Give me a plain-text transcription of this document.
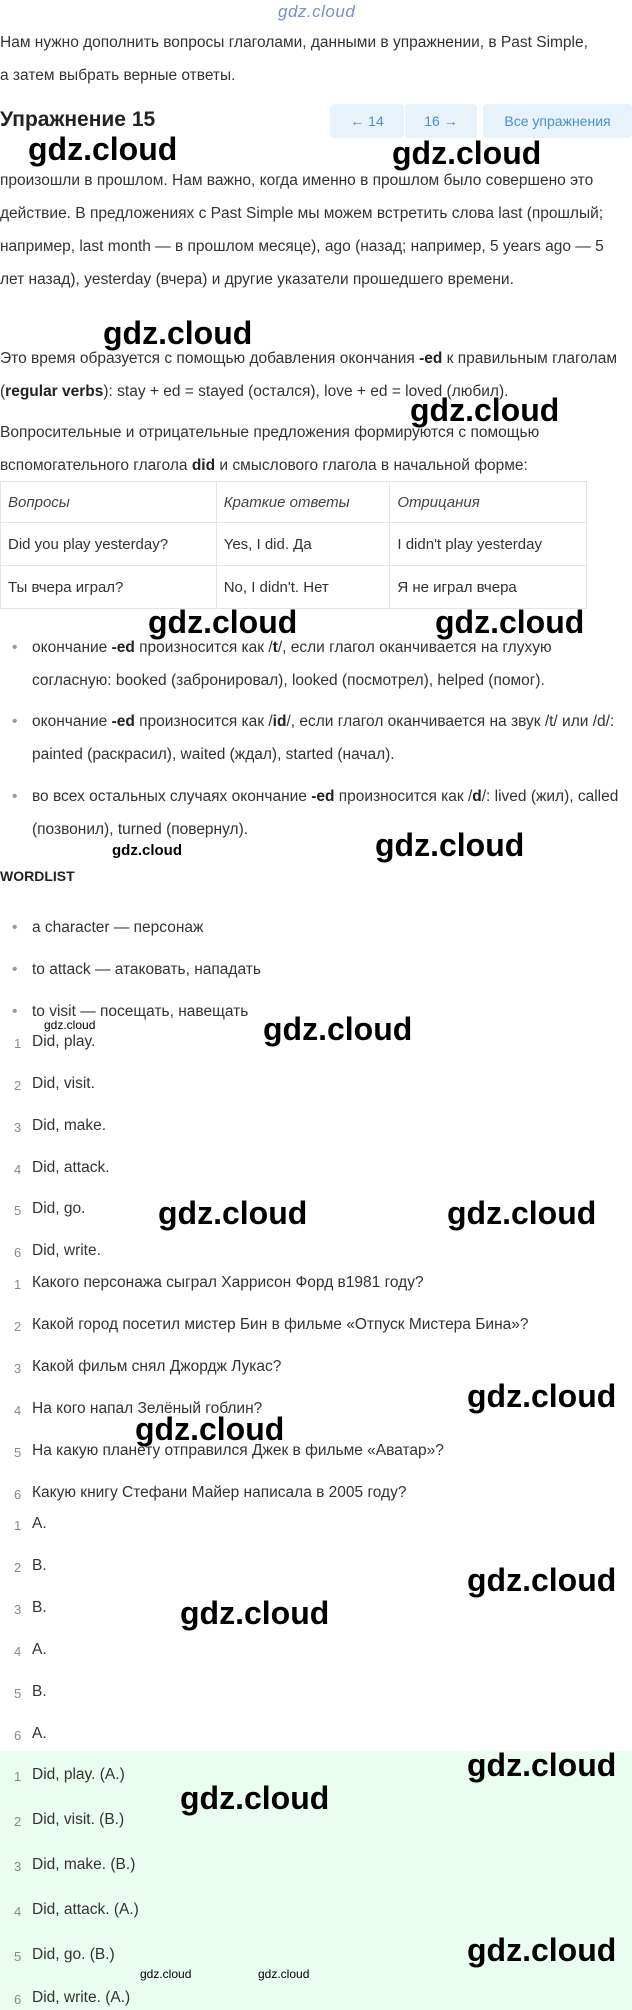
gdz.cloud
Нам нужно дополнить вопросы глаголами, данными в упражнении, в Past Simple, а затем выбрать верные ответы.
Упражнение 15	← 14	16 →	Все упражнения
произошли в прошлом. Нам важно, когда именно в прошлом было совершено это действие. В предложениях с Past Simple мы можем встретить слова last (прошлый; например, last month — в прошлом месяце), ago (назад; например, 5 years ago — 5 лет назад), yesterday (вчера) и другие указатели прошедшего времени.
Это время образуется с помощью добавления окончания -ed к правильным глаголам (regular verbs): stay + ed = stayed (остался), love + ed = loved (любил).
Вопросительные и отрицательные предложения формируются с помощью вспомогательного глагола did и смыслового глагола в начальной форме:
Вопросы	Краткие ответы	Отрицания
Did you play yesterday?	Yes, I did. Да	I didn't play yesterday
Ты вчера играл?	No, I didn't. Нет	Я не играл вчера
• окончание -ed произносится как /t/, если глагол оканчивается на глухую согласную: booked (забронировал), looked (посмотрел), helped (помог).
• окончание -ed произносится как /id/, если глагол оканчивается на звук /t/ или /d/: painted (раскрасил), waited (ждал), started (начал).
• во всех остальных случаях окончание -ed произносится как /d/: lived (жил), called (позвонил), turned (повернул).
WORDLIST
• a character — персонаж
• to attack — атаковать, нападать
• to visit — посещать, навещать
1 Did, play.
2 Did, visit.
3 Did, make.
4 Did, attack.
5 Did, go.
6 Did, write.
1 Какого персонажа сыграл Харрисон Форд в1981 году?
2 Какой город посетил мистер Бин в фильме «Отпуск Мистера Бина»?
3 Какой фильм снял Джордж Лукас?
4 На кого напал Зелёный гоблин?
5 На какую планету отправился Джек в фильме «Аватар»?
6 Какую книгу Стефани Майер написала в 2005 году?
1 A.
2 B.
3 B.
4 A.
5 B.
6 A.
1 Did, play. (A.)
2 Did, visit. (B.)
3 Did, make. (B.)
4 Did, attack. (A.)
5 Did, go. (B.)
6 Did, write. (A.)
gdz.cloud	gdz.cloud
gdz.cloud
gdz.cloud
gdz.cloud	gdz.cloud
gdz.cloud	gdz.cloud
gdz.cloud	gdz.cloud
gdz.cloud	gdz.cloud
gdz.cloud
gdz.cloud
gdz.cloud
gdz.cloud
gdz.cloud
gdz.cloud
gdz.cloud
gdz.cloud	gdz.cloud
